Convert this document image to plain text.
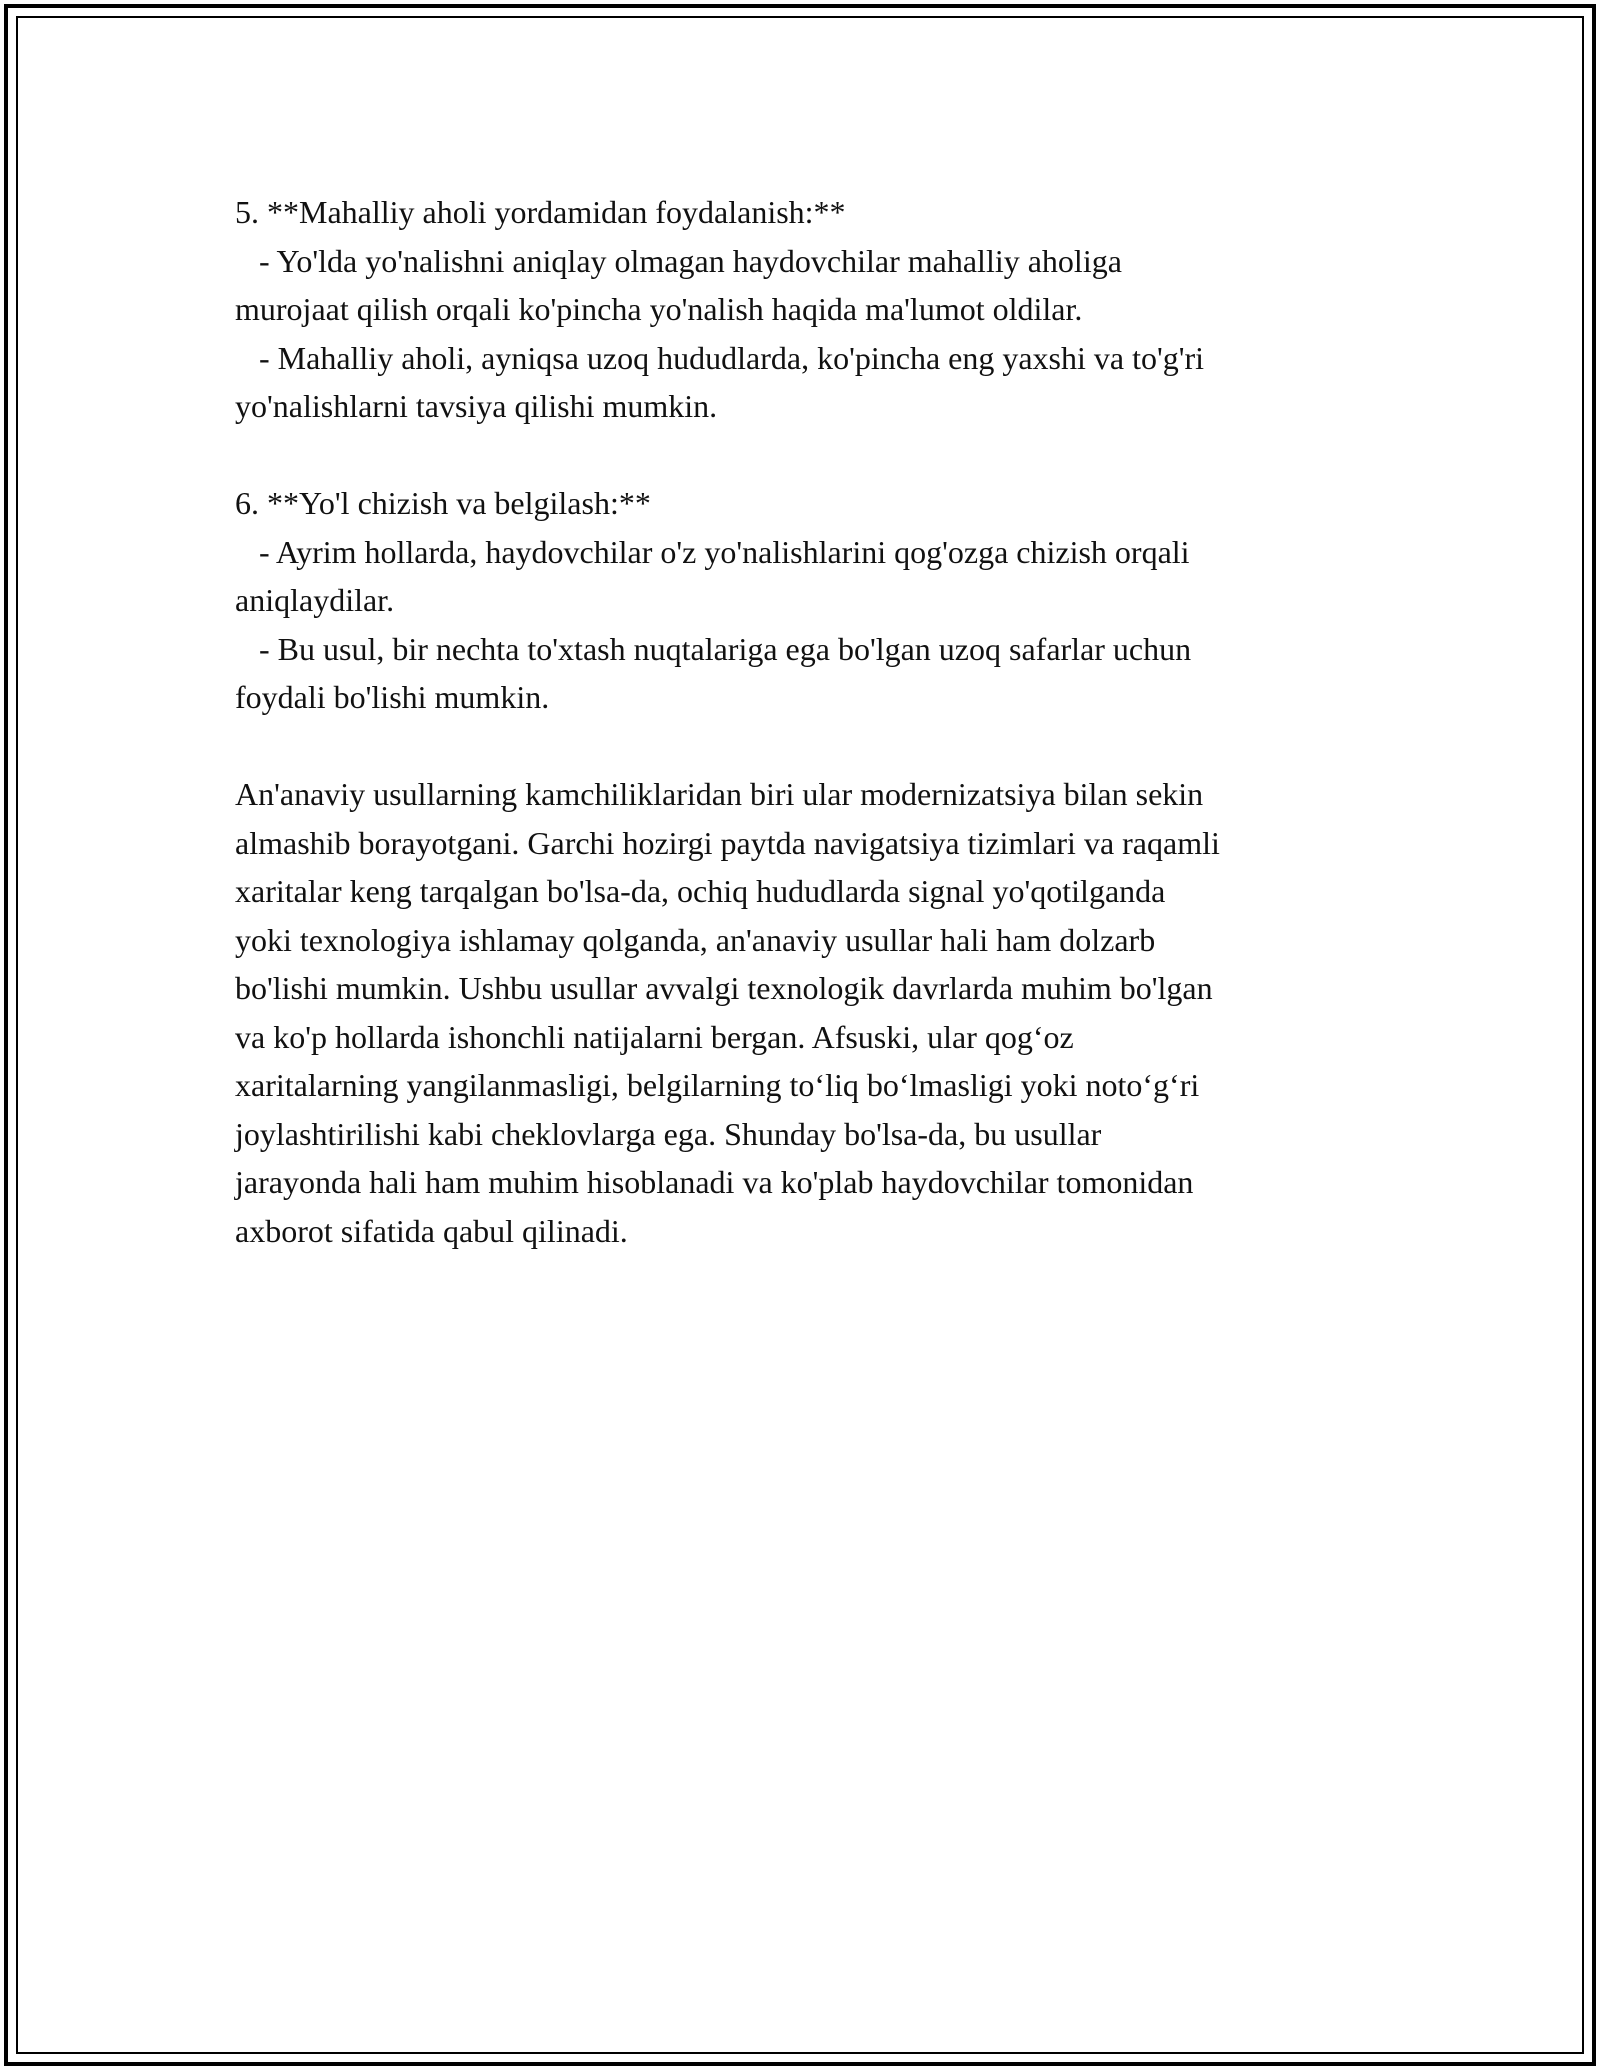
5. **Mahalliy aholi yordamidan foydalanish:**
- Yo'lda yo'nalishni aniqlay olmagan haydovchilar mahalliy aholiga
murojaat qilish orqali ko'pincha yo'nalish haqida ma'lumot oldilar.
- Mahalliy aholi, ayniqsa uzoq hududlarda, ko'pincha eng yaxshi va to'g'ri
yo'nalishlarni tavsiya qilishi mumkin.
6. **Yo'l chizish va belgilash:**
- Ayrim hollarda, haydovchilar o'z yo'nalishlarini qog'ozga chizish orqali
aniqlaydilar.
- Bu usul, bir nechta to'xtash nuqtalariga ega bo'lgan uzoq safarlar uchun
foydali bo'lishi mumkin.
An'anaviy usullarning kamchiliklaridan biri ular modernizatsiya bilan sekin
almashib borayotgani. Garchi hozirgi paytda navigatsiya tizimlari va raqamli
xaritalar keng tarqalgan bo'lsa-da, ochiq hududlarda signal yo'qotilganda
yoki texnologiya ishlamay qolganda, an'anaviy usullar hali ham dolzarb
bo'lishi mumkin. Ushbu usullar avvalgi texnologik davrlarda muhim bo'lgan
va ko'p hollarda ishonchli natijalarni bergan. Afsuski, ular qog‘oz
xaritalarning yangilanmasligi, belgilarning to‘liq bo‘lmasligi yoki noto‘g‘ri
joylashtirilishi kabi cheklovlarga ega. Shunday bo'lsa-da, bu usullar
jarayonda hali ham muhim hisoblanadi va ko'plab haydovchilar tomonidan
axborot sifatida qabul qilinadi.
